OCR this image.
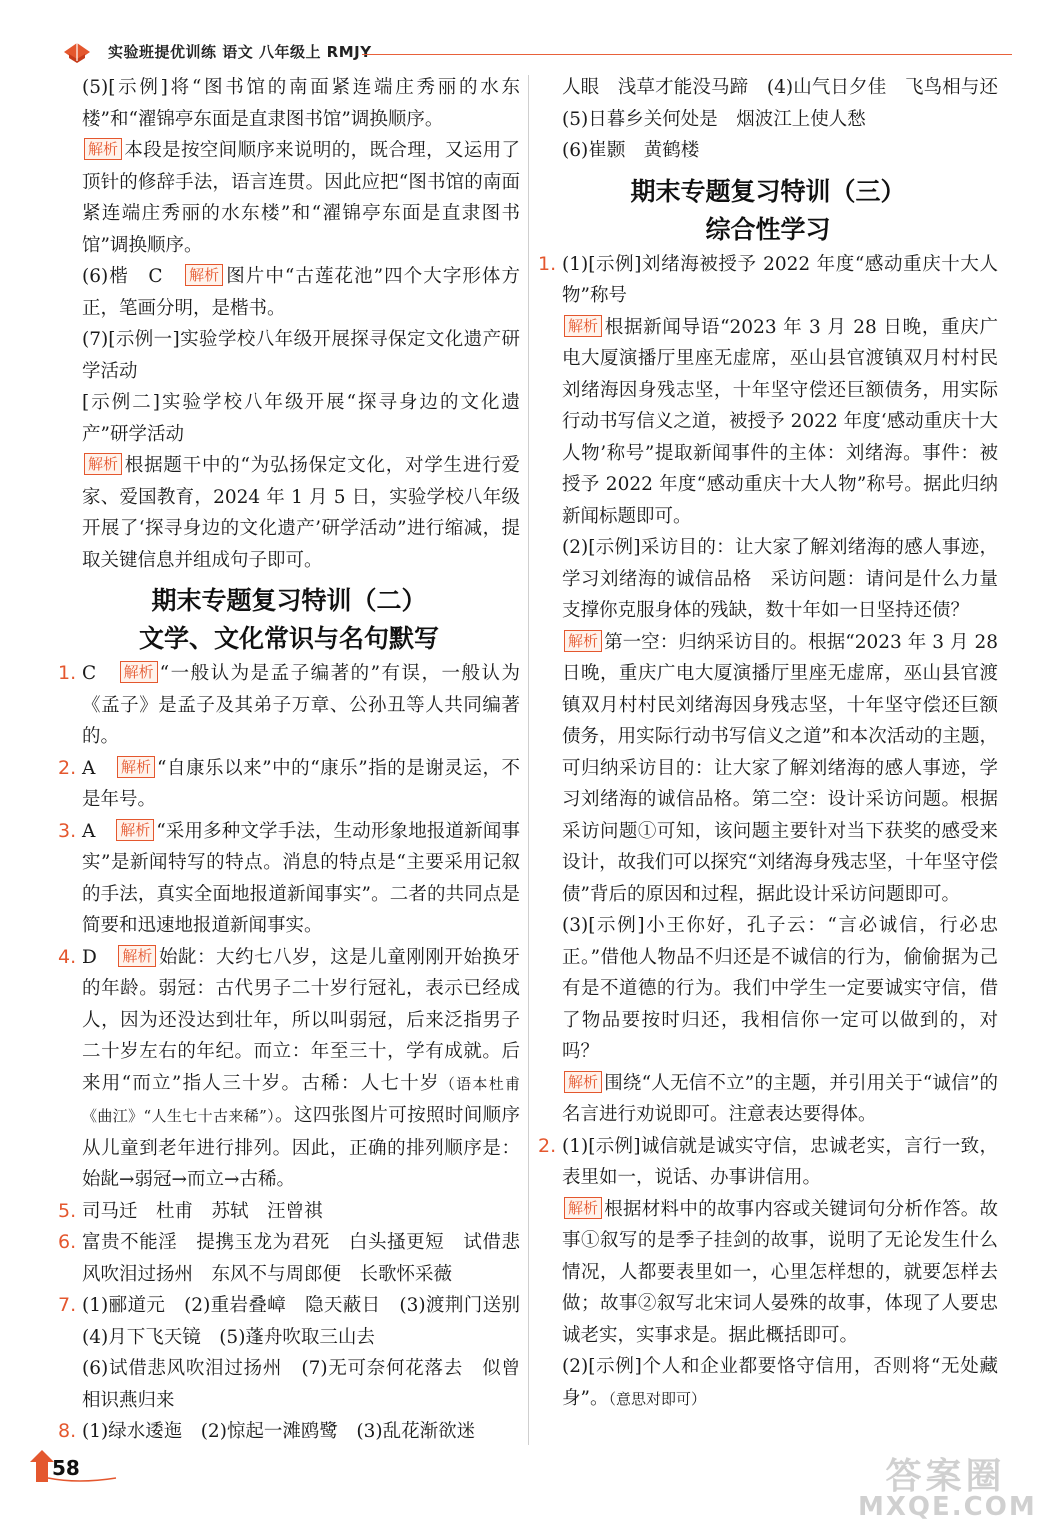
实验班提优训练 语文 八年级上 RMJY

(5)[示例]将“图书馆的南面紧连端庄秀丽的水东楼”和“濯锦亭东面是直隶图书馆”调换顺序。

解析 本段是按空间顺序来说明的，既合理，又运用了顶针的修辞手法，语言连贯。因此应把“图书馆的南面紧连端庄秀丽的水东楼”和“濯锦亭东面是直隶图书馆”调换顺序。

(6)楷　C　 解析 图片中“古莲花池”四个大字形体方正，笔画分明，是楷书。

(7)[示例一]实验学校八年级开展探寻保定文化遗产研学活动

[示例二]实验学校八年级开展“探寻身边的文化遗产”研学活动

解析 根据题干中的“为弘扬保定文化，对学生进行爱家、爱国教育，2024 年 1 月 5 日，实验学校八年级开展了‘探寻身边的文化遗产’研学活动”进行缩减，提取关键信息并组成句子即可。

期末专题复习特训（二）
文学、文化常识与名句默写

1. C　 解析 “一般认为是孟子编著的”有误，一般认为《孟子》是孟子及其弟子万章、公孙丑等人共同编著的。

2. A　 解析 “自康乐以来”中的“康乐”指的是谢灵运，不是年号。

3. A　 解析 “采用多种文学手法，生动形象地报道新闻事实”是新闻特写的特点。消息的特点是“主要采用记叙的手法，真实全面地报道新闻事实”。二者的共同点是简要和迅速地报道新闻事实。

4. D　 解析 始龀：大约七八岁，这是儿童刚刚开始换牙的年龄。弱冠：古代男子二十岁行冠礼，表示已经成人，因为还没达到壮年，所以叫弱冠，后来泛指男子二十岁左右的年纪。而立：年至三十，学有成就。后来用“而立”指人三十岁。古稀：人七十岁（语本杜甫《曲江》“人生七十古来稀”）。这四张图片可按照时间顺序从儿童到老年进行排列。因此，正确的排列顺序是：始龀→弱冠→而立→古稀。

5. 司马迁　杜甫　苏轼　汪曾祺

6. 富贵不能淫　提携玉龙为君死　白头搔更短　试借悲风吹泪过扬州　东风不与周郎便　长歌怀采薇

7. (1)郦道元　(2)重岩叠嶂　隐天蔽日　(3)渡荆门送别　(4)月下飞天镜　(5)蓬舟吹取三山去

(6)试借悲风吹泪过扬州　(7)无可奈何花落去　似曾相识燕归来

8. (1)绿水逶迤　(2)惊起一滩鸥鹭　(3)乱花渐欲迷

人眼　浅草才能没马蹄　(4)山气日夕佳　飞鸟相与还　(5)日暮乡关何处是　烟波江上使人愁

(6)崔颢　黄鹤楼

期末专题复习特训（三）
综合性学习

1. (1)[示例]刘绪海被授予 2022 年度“感动重庆十大人物”称号

解析 根据新闻导语“2023 年 3 月 28 日晚，重庆广电大厦演播厅里座无虚席，巫山县官渡镇双月村村民刘绪海因身残志坚，十年坚守偿还巨额债务，用实际行动书写信义之道，被授予 2022 年度‘感动重庆十大人物’称号”提取新闻事件的主体：刘绪海。事件：被授予 2022 年度“感动重庆十大人物”称号。据此归纳新闻标题即可。

(2)[示例]采访目的：让大家了解刘绪海的感人事迹，学习刘绪海的诚信品格　采访问题：请问是什么力量支撑你克服身体的残缺，数十年如一日坚持还债？

解析 第一空：归纳采访目的。根据“2023 年 3 月 28 日晚，重庆广电大厦演播厅里座无虚席，巫山县官渡镇双月村村民刘绪海因身残志坚，十年坚守偿还巨额债务，用实际行动书写信义之道”和本次活动的主题，可归纳采访目的：让大家了解刘绪海的感人事迹，学习刘绪海的诚信品格。第二空：设计采访问题。根据采访问题①可知，该问题主要针对当下获奖的感受来设计，故我们可以探究“刘绪海身残志坚，十年坚守偿债”背后的原因和过程，据此设计采访问题即可。

(3)[示例]小王你好，孔子云：“言必诚信，行必忠正。”借他人物品不归还是不诚信的行为，偷偷据为己有是不道德的行为。我们中学生一定要诚实守信，借了物品要按时归还，我相信你一定可以做到的，对吗？

解析 围绕“人无信不立”的主题，并引用关于“诚信”的名言进行劝说即可。注意表达要得体。

2. (1)[示例]诚信就是诚实守信，忠诚老实，言行一致，表里如一，说话、办事讲信用。

解析 根据材料中的故事内容或关键词句分析作答。故事①叙写的是季子挂剑的故事，说明了无论发生什么情况，人都要表里如一，心里怎样想的，就要怎样去做；故事②叙写北宋词人晏殊的故事，体现了人要忠诚老实，实事求是。据此概括即可。

(2)[示例]个人和企业都要恪守信用，否则将“无处藏身”。（意思对即可）

58	答案圈
MXQE.COM
